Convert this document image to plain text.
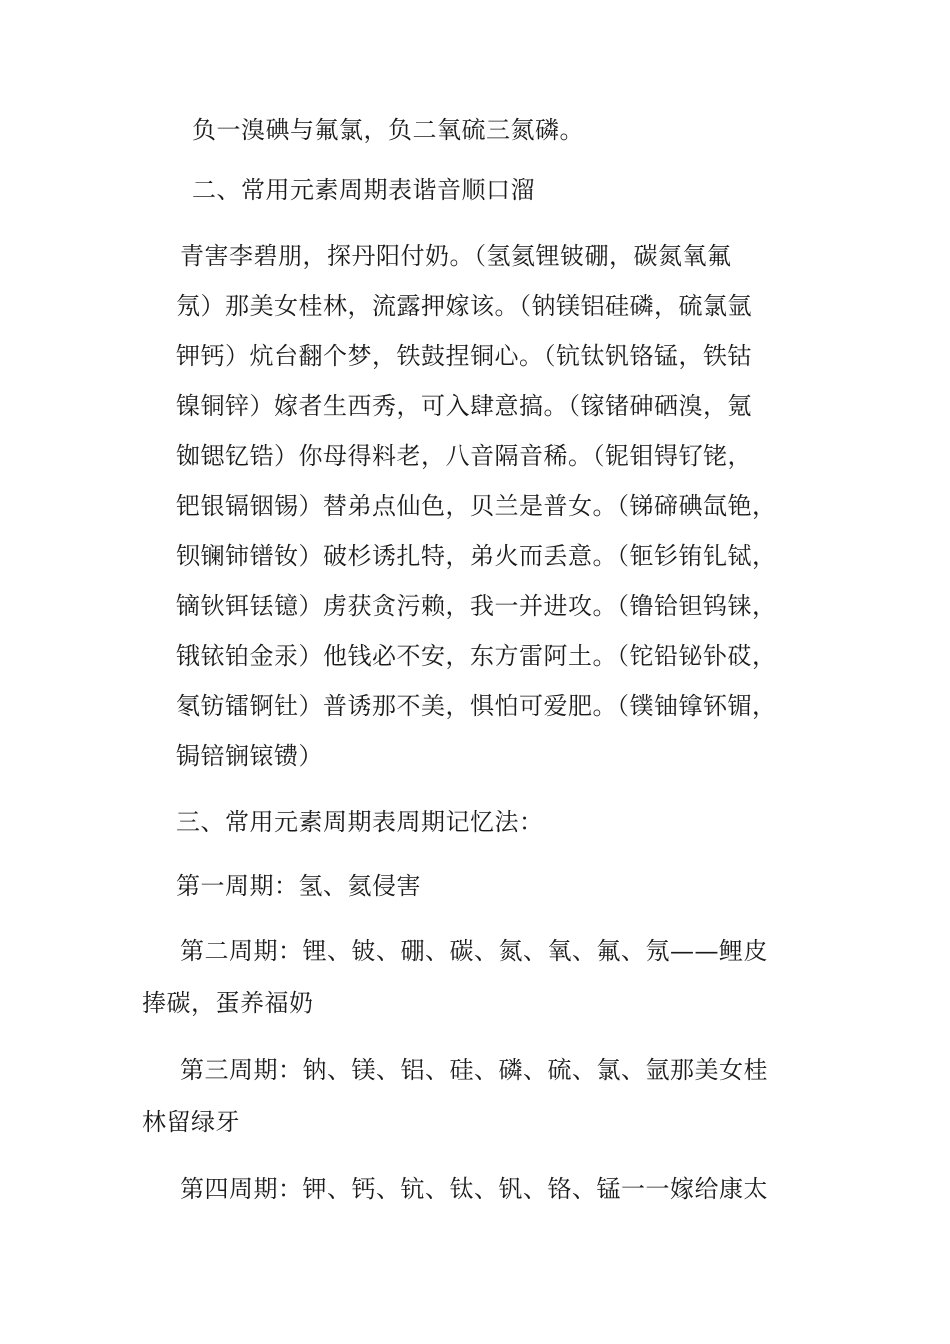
负一溴碘与氟氯，负二氧硫三氮磷。
二、常用元素周期表谐音顺口溜
青害李碧朋，探丹阳付奶。（氢氦锂铍硼，碳氮氧氟
氖）那美女桂林，流露押嫁该。（钠镁铝硅磷，硫氯氩
钾钙）炕台翻个梦，铁鼓捏铜心。（钪钛钒铬锰，铁钴
镍铜锌）嫁者生西秀，可入肆意搞。（镓锗砷硒溴，氪
铷锶钇锆）你母得料老，八音隔音稀。（铌钼锝钌铑，
钯银镉铟锡）替弟点仙色，贝兰是普女。（锑碲碘氙铯，
钡镧铈镨钕）破杉诱扎特，弟火而丢意。（钷钐铕钆铽，
镝钬铒铥镱）虏获贪污赖，我一并进攻。（镥铪钽钨铼，
锇铱铂金汞）他钱必不安，东方雷阿土。（铊铅铋钋砹，
氡钫镭锕钍）普诱那不美，惧怕可爱肥。（镤铀镎钚镅，
锔锫锎锿镄）
三、常用元素周期表周期记忆法：
第一周期：氢、氦侵害
第二周期：锂、铍、硼、碳、氮、氧、氟、氖——鲤皮
捧碳，蛋养福奶
第三周期：钠、镁、铝、硅、磷、硫、氯、氩那美女桂
林留绿牙
第四周期：钾、钙、钪、钛、钒、铬、锰一一嫁给康太
